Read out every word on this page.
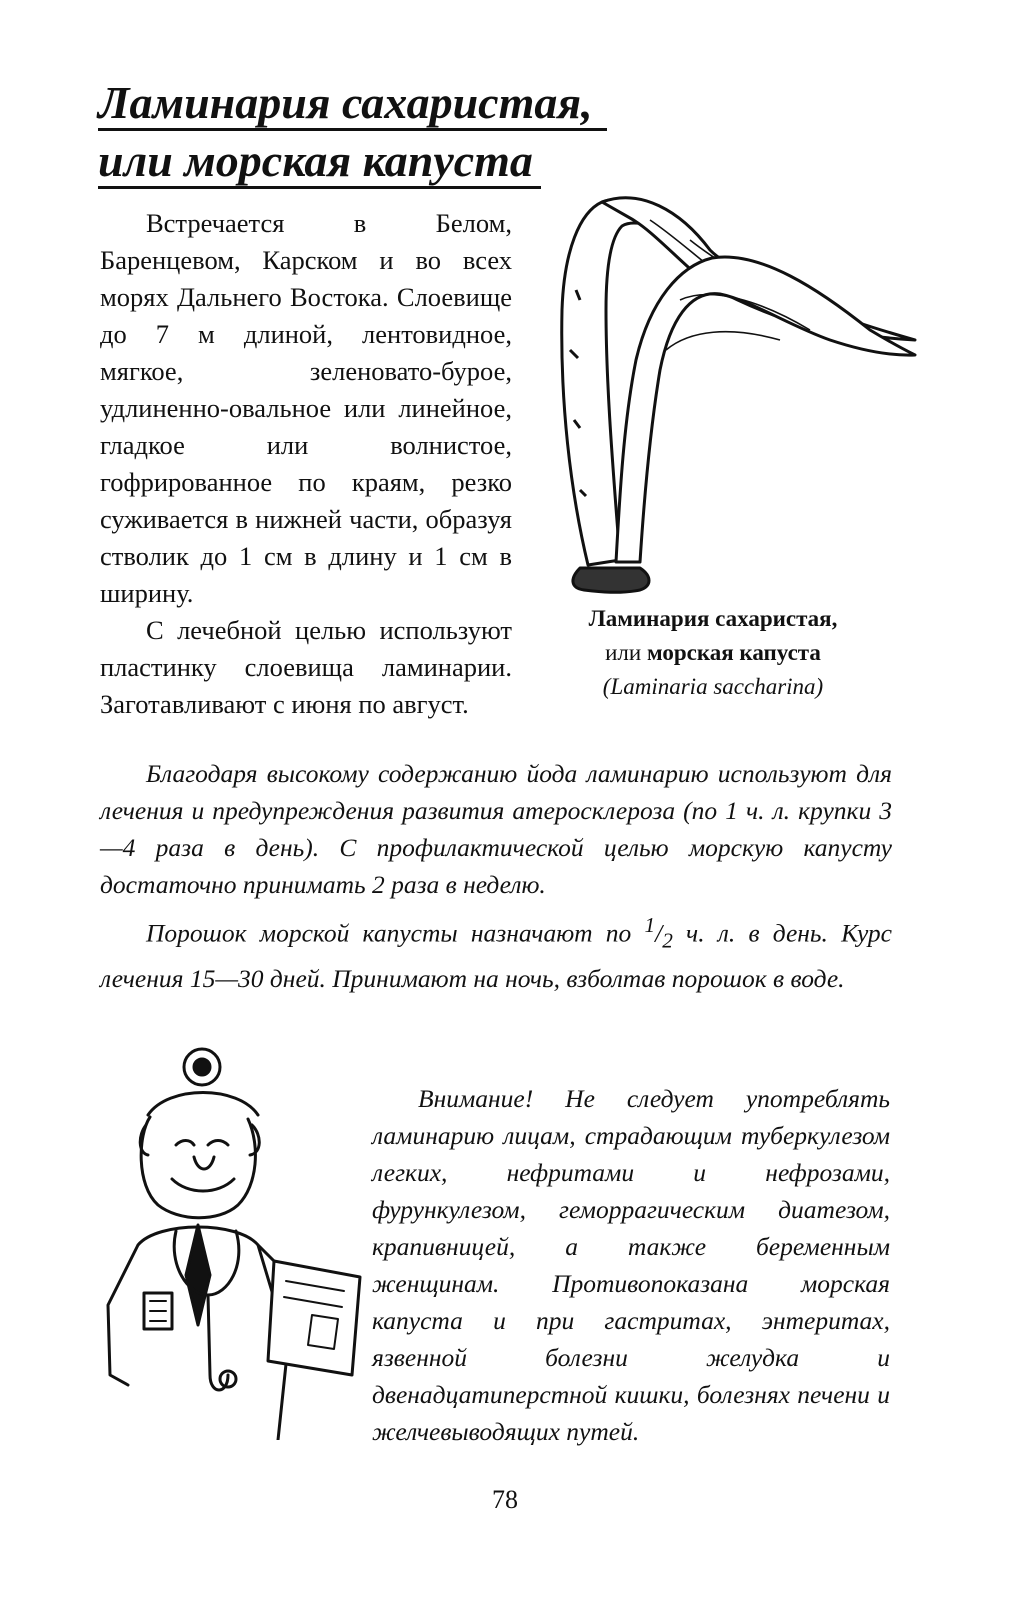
Ламинария сахаристая,
или морская капуста

Встречается в Белом, Баренцевом, Карском и во всех морях Дальнего Востока. Слоевище до 7 м длиной, лентовидное, мягкое, зеленовато-бурое, удлиненно-овальное или линейное, гладкое или волнистое, гофрированное по краям, резко суживается в нижней части, образуя стволик до 1 см в длину и 1 см в ширину.

С лечебной целью используют пластинку слоевища ламинарии. Заготавливают с июня по август.

Ламинария сахаристая,
или морская капуста
(Laminaria saccharina)

Благодаря высокому содержанию йода ламинарию используют для лечения и предупреждения развития атеросклероза (по 1 ч. л. крупки 3—4 раза в день). С профилактической целью морскую капусту достаточно принимать 2 раза в неделю.

Порошок морской капусты назначают по $^1/_2$ ч. л. в день. Курс лечения 15—30 дней. Принимают на ночь, взболтав порошок в воде.

Внимание! Не следует употреблять ламинарию лицам, страдающим туберкулезом легких, нефритами и нефрозами, фурункулезом, геморрагическим диатезом, крапивницей, а также беременным женщинам. Противопоказана морская капуста и при гастритах, энтеритах, язвенной болезни желудка и двенадцатиперстной кишки, болезнях печени и желчевыводящих путей.

78
